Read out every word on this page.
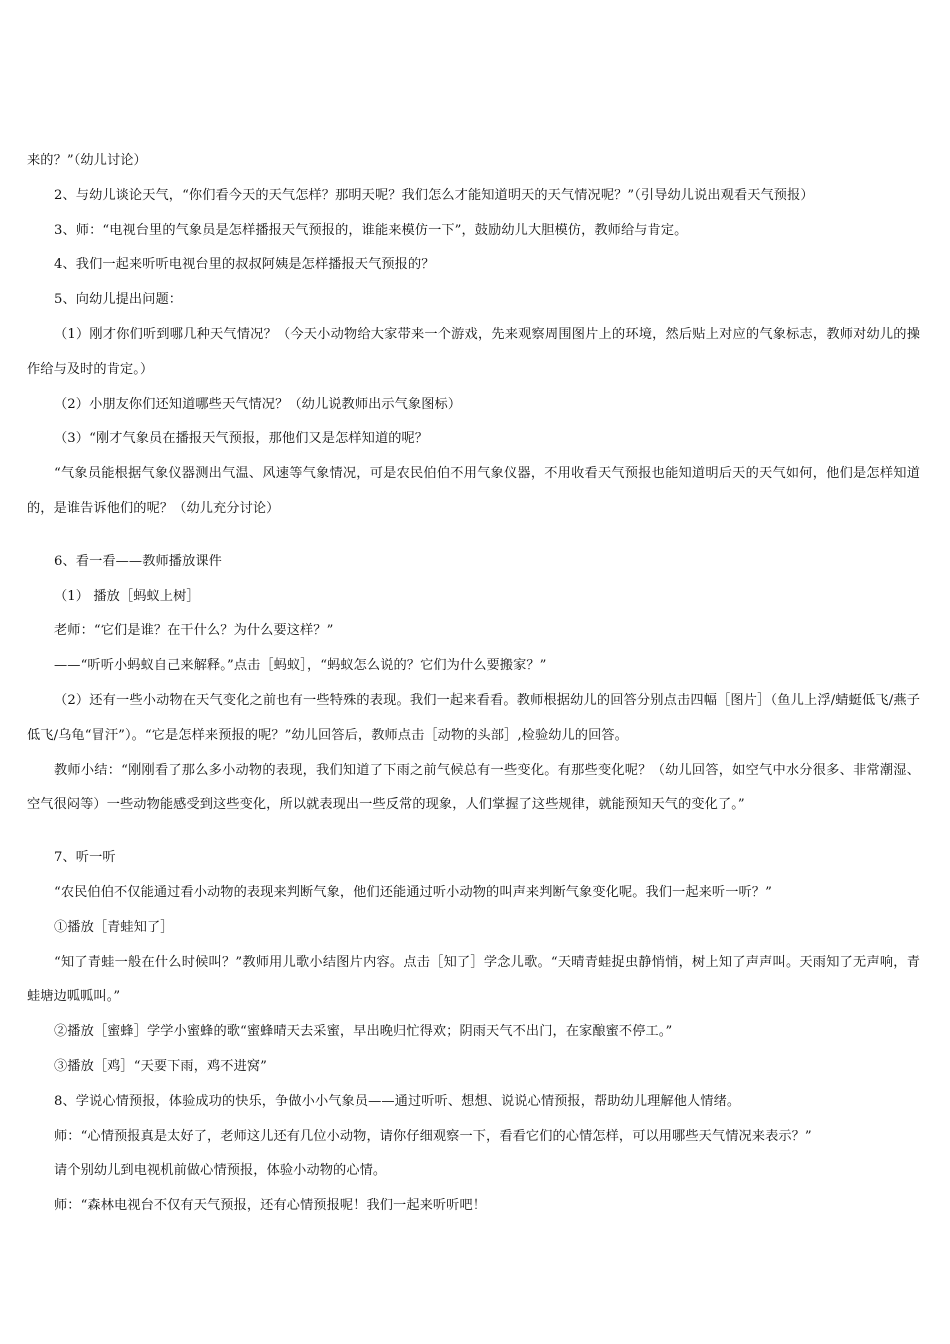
来的？”（幼儿讨论）

2、与幼儿谈论天气，“你们看今天的天气怎样？那明天呢？我们怎么才能知道明天的天气情况呢？”（引导幼儿说出观看天气预报）

3、师：“电视台里的气象员是怎样播报天气预报的，谁能来模仿一下”，鼓励幼儿大胆模仿，教师给与肯定。

4、我们一起来听听电视台里的叔叔阿姨是怎样播报天气预报的？

5、向幼儿提出问题：

（1）刚才你们听到哪几种天气情况？（今天小动物给大家带来一个游戏，先来观察周围图片上的环境，然后贴上对应的气象标志，教师对幼儿的操作给与及时的肯定。）

（2）小朋友你们还知道哪些天气情况？（幼儿说教师出示气象图标）

（3）“刚才气象员在播报天气预报，那他们又是怎样知道的呢？

“气象员能根据气象仪器测出气温、风速等气象情况，可是农民伯伯不用气象仪器，不用收看天气预报也能知道明后天的天气如何，他们是怎样知道的，是谁告诉他们的呢？（幼儿充分讨论）

6、看一看——教师播放课件

（1） 播放［蚂蚁上树］

老师：“它们是谁？在干什么？为什么要这样？”

——“听听小蚂蚁自己来解释。”点击［蚂蚁］，“蚂蚁怎么说的？它们为什么要搬家？”

（2）还有一些小动物在天气变化之前也有一些特殊的表现。我们一起来看看。教师根据幼儿的回答分别点击四幅［图片］（鱼儿上浮/蜻蜓低飞/燕子低飞/乌龟“冒汗”）。“它是怎样来预报的呢？”幼儿回答后，教师点击［动物的头部］,检验幼儿的回答。

教师小结：“刚刚看了那么多小动物的表现，我们知道了下雨之前气候总有一些变化。有那些变化呢？（幼儿回答，如空气中水分很多、非常潮湿、空气很闷等）一些动物能感受到这些变化，所以就表现出一些反常的现象，人们掌握了这些规律，就能预知天气的变化了。”

7、听一听

“农民伯伯不仅能通过看小动物的表现来判断气象，他们还能通过听小动物的叫声来判断气象变化呢。我们一起来听一听？”

①播放［青蛙知了］

“知了青蛙一般在什么时候叫？”教师用儿歌小结图片内容。点击［知了］学念儿歌。“天晴青蛙捉虫静悄悄，树上知了声声叫。天雨知了无声响，青蛙塘边呱呱叫。”

②播放［蜜蜂］学学小蜜蜂的歌“蜜蜂晴天去采蜜，早出晚归忙得欢；阴雨天气不出门，在家酿蜜不停工。”

③播放［鸡］“天要下雨，鸡不进窝”

8、学说心情预报，体验成功的快乐，争做小小气象员——通过听听、想想、说说心情预报，帮助幼儿理解他人情绪。

师：“心情预报真是太好了，老师这儿还有几位小动物，请你仔细观察一下，看看它们的心情怎样，可以用哪些天气情况来表示？”

请个别幼儿到电视机前做心情预报，体验小动物的心情。

师：“森林电视台不仅有天气预报，还有心情预报呢！我们一起来听听吧！
